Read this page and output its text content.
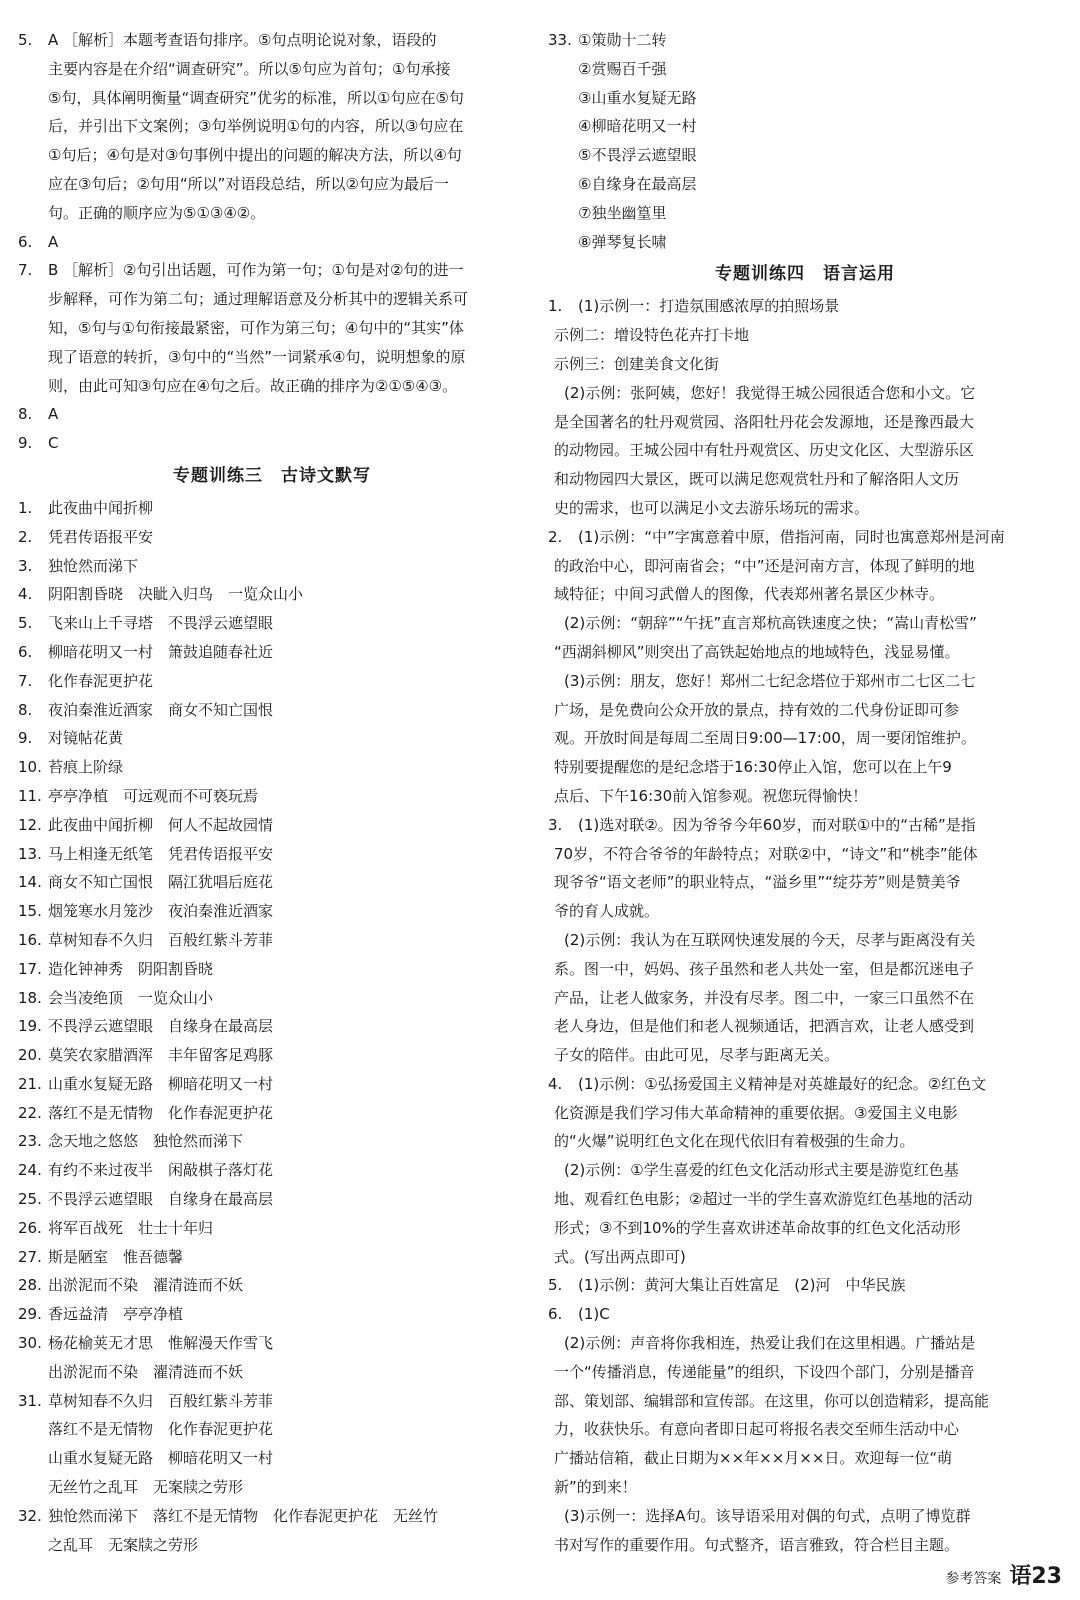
5. A ［解析］本题考查语句排序。⑤句点明论说对象，语段的
主要内容是在介绍“调查研究”。所以⑤句应为首句；①句承接
⑤句，具体阐明衡量“调查研究”优劣的标准，所以①句应在⑤句
后，并引出下文案例；③句举例说明①句的内容，所以③句应在
①句后；④句是对③句事例中提出的问题的解决方法，所以④句
应在③句后；②句用“所以”对语段总结，所以②句应为最后一
句。正确的顺序应为⑤①③④②。
6. A
7. B ［解析］②句引出话题，可作为第一句；①句是对②句的进一
步解释，可作为第二句；通过理解语意及分析其中的逻辑关系可
知，⑤句与①句衔接最紧密，可作为第三句；④句中的“其实”体
现了语意的转折，③句中的“当然”一词紧承④句，说明想象的原
则，由此可知③句应在④句之后。故正确的排序为②①⑤④③。
8. A
9. C
专题训练三　古诗文默写
1. 此夜曲中闻折柳
2. 凭君传语报平安
3. 独怆然而涕下
4. 阴阳割昏晓　决眦入归鸟　一览众山小
5. 飞来山上千寻塔　不畏浮云遮望眼
6. 柳暗花明又一村　箫鼓追随春社近
7. 化作春泥更护花
8. 夜泊秦淮近酒家　商女不知亡国恨
9. 对镜帖花黄
10. 苔痕上阶绿
11. 亭亭净植　可远观而不可亵玩焉
12. 此夜曲中闻折柳　何人不起故园情
13. 马上相逢无纸笔　凭君传语报平安
14. 商女不知亡国恨　隔江犹唱后庭花
15. 烟笼寒水月笼沙　夜泊秦淮近酒家
16. 草树知春不久归　百般红紫斗芳菲
17. 造化钟神秀　阴阳割昏晓
18. 会当凌绝顶　一览众山小
19. 不畏浮云遮望眼　自缘身在最高层
20. 莫笑农家腊酒浑　丰年留客足鸡豚
21. 山重水复疑无路　柳暗花明又一村
22. 落红不是无情物　化作春泥更护花
23. 念天地之悠悠　独怆然而涕下
24. 有约不来过夜半　闲敲棋子落灯花
25. 不畏浮云遮望眼　自缘身在最高层
26. 将军百战死　壮士十年归
27. 斯是陋室　惟吾德馨
28. 出淤泥而不染　濯清涟而不妖
29. 香远益清　亭亭净植
30. 杨花榆荚无才思　惟解漫天作雪飞
出淤泥而不染　濯清涟而不妖
31. 草树知春不久归　百般红紫斗芳菲
落红不是无情物　化作春泥更护花
山重水复疑无路　柳暗花明又一村
无丝竹之乱耳　无案牍之劳形
32. 独怆然而涕下　落红不是无情物　化作春泥更护花　无丝竹
之乱耳　无案牍之劳形
33. ①策勋十二转
②赏赐百千强
③山重水复疑无路
④柳暗花明又一村
⑤不畏浮云遮望眼
⑥自缘身在最高层
⑦独坐幽篁里
⑧弹琴复长啸
专题训练四　语言运用
1. (1)示例一：打造氛围感浓厚的拍照场景
示例二：增设特色花卉打卡地
示例三：创建美食文化街
(2)示例：张阿姨，您好！我觉得王城公园很适合您和小文。它
是全国著名的牡丹观赏园、洛阳牡丹花会发源地，还是豫西最大
的动物园。王城公园中有牡丹观赏区、历史文化区、大型游乐区
和动物园四大景区，既可以满足您观赏牡丹和了解洛阳人文历
史的需求，也可以满足小文去游乐场玩的需求。
2. (1)示例：“中”字寓意着中原，借指河南，同时也寓意郑州是河南
的政治中心，即河南省会；“中”还是河南方言，体现了鲜明的地
域特征；中间习武僧人的图像，代表郑州著名景区少林寺。
(2)示例：“朝辞”“午抚”直言郑杭高铁速度之快；“嵩山青松雪”
“西湖斜柳风”则突出了高铁起始地点的地域特色，浅显易懂。
(3)示例：朋友，您好！郑州二七纪念塔位于郑州市二七区二七
广场，是免费向公众开放的景点，持有效的二代身份证即可参
观。开放时间是每周二至周日9:00—17:00，周一要闭馆维护。
特别要提醒您的是纪念塔于16:30停止入馆，您可以在上午9
点后、下午16:30前入馆参观。祝您玩得愉快！
3. (1)选对联②。因为爷爷今年60岁，而对联①中的“古稀”是指
70岁，不符合爷爷的年龄特点；对联②中，“诗文”和“桃李”能体
现爷爷“语文老师”的职业特点，“溢乡里”“绽芬芳”则是赞美爷
爷的育人成就。
(2)示例：我认为在互联网快速发展的今天，尽孝与距离没有关
系。图一中，妈妈、孩子虽然和老人共处一室，但是都沉迷电子
产品，让老人做家务，并没有尽孝。图二中，一家三口虽然不在
老人身边，但是他们和老人视频通话，把酒言欢，让老人感受到
子女的陪伴。由此可见，尽孝与距离无关。
4. (1)示例：①弘扬爱国主义精神是对英雄最好的纪念。②红色文
化资源是我们学习伟大革命精神的重要依据。③爱国主义电影
的“火爆”说明红色文化在现代依旧有着极强的生命力。
(2)示例：①学生喜爱的红色文化活动形式主要是游览红色基
地、观看红色电影；②超过一半的学生喜欢游览红色基地的活动
形式；③不到10%的学生喜欢讲述革命故事的红色文化活动形
式。(写出两点即可)
5. (1)示例：黄河大集让百姓富足　(2)河　中华民族
6. (1)C
(2)示例：声音将你我相连，热爱让我们在这里相遇。广播站是
一个“传播消息，传递能量”的组织，下设四个部门，分别是播音
部、策划部、编辑部和宣传部。在这里，你可以创造精彩，提高能
力，收获快乐。有意向者即日起可将报名表交至师生活动中心
广播站信箱，截止日期为××年××月××日。欢迎每一位“萌
新”的到来！
(3)示例一：选择A句。该导语采用对偶的句式，点明了博览群
书对写作的重要作用。句式整齐，语言雅致，符合栏目主题。
参考答案 语23
